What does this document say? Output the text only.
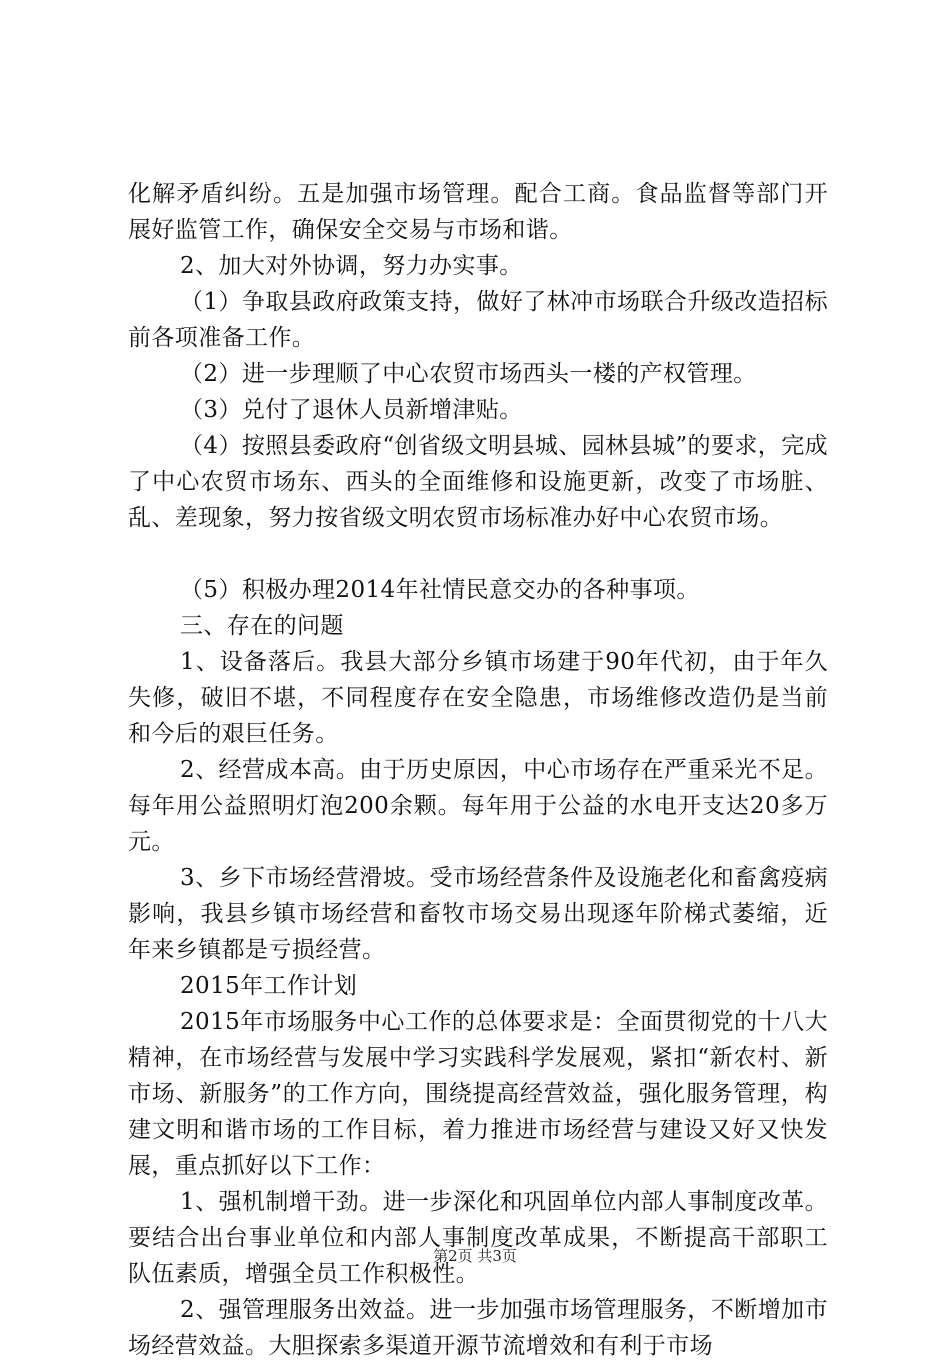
化解矛盾纠纷。五是加强市场管理。配合工商。食品监督等部门开展好监管工作，确保安全交易与市场和谐。

2、加大对外协调，努力办实事。

（1）争取县政府政策支持，做好了林冲市场联合升级改造招标前各项准备工作。

（2）进一步理顺了中心农贸市场西头一楼的产权管理。

（3）兑付了退休人员新增津贴。

（4）按照县委政府“创省级文明县城、园林县城”的要求，完成了中心农贸市场东、西头的全面维修和设施更新，改变了市场脏、乱、差现象，努力按省级文明农贸市场标准办好中心农贸市场。

（5）积极办理2014年社情民意交办的各种事项。

三、存在的问题

1、设备落后。我县大部分乡镇市场建于90年代初，由于年久失修，破旧不堪，不同程度存在安全隐患，市场维修改造仍是当前和今后的艰巨任务。

2、经营成本高。由于历史原因，中心市场存在严重采光不足。每年用公益照明灯泡200余颗。每年用于公益的水电开支达20多万元。

3、乡下市场经营滑坡。受市场经营条件及设施老化和畜禽疫病影响，我县乡镇市场经营和畜牧市场交易出现逐年阶梯式萎缩，近年来乡镇都是亏损经营。

2015年工作计划

2015年市场服务中心工作的总体要求是：全面贯彻党的十八大精神，在市场经营与发展中学习实践科学发展观，紧扣“新农村、新市场、新服务”的工作方向，围绕提高经营效益，强化服务管理，构建文明和谐市场的工作目标，着力推进市场经营与建设又好又快发展，重点抓好以下工作：

1、强机制增干劲。进一步深化和巩固单位内部人事制度改革。要结合出台事业单位和内部人事制度改革成果，不断提高干部职工队伍素质，增强全员工作积极性。

2、强管理服务出效益。进一步加强市场管理服务，不断增加市场经营效益。大胆探索多渠道开源节流增效和有利于市场

第2页 共3页
